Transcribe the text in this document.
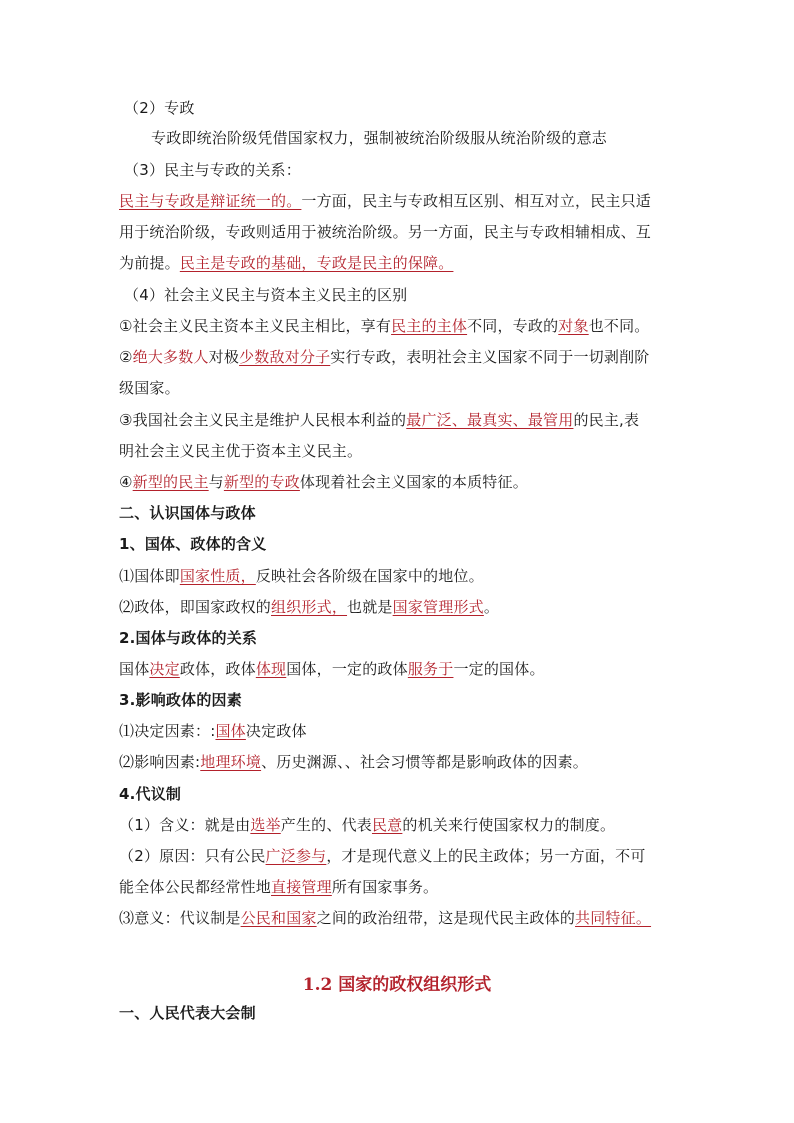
（2）专政
专政即统治阶级凭借国家权力，强制被统治阶级服从统治阶级的意志
（3）民主与专政的关系：
民主与专政是辩证统一的。一方面，民主与专政相互区别、相互对立，民主只适
用于统治阶级，专政则适用于被统治阶级。另一方面，民主与专政相辅相成、互
为前提。民主是专政的基础，专政是民主的保障。
（4）社会主义民主与资本主义民主的区别
①社会主义民主资本主义民主相比，享有民主的主体不同，专政的对象也不同。
②绝大多数人对极少数敌对分子实行专政，表明社会主义国家不同于一切剥削阶
级国家。
③我国社会主义民主是维护人民根本利益的最广泛、最真实、最管用的民主,表
明社会主义民主优于资本主义民主。
④新型的民主与新型的专政体现着社会主义国家的本质特征。
二、认识国体与政体
1、国体、政体的含义
⑴国体即国家性质，反映社会各阶级在国家中的地位。
⑵政体，即国家政权的组织形式，也就是国家管理形式。
2.国体与政体的关系
国体决定政体，政体体现国体，一定的政体服务于一定的国体。
3.影响政体的因素
⑴决定因素：:国体决定政体
⑵影响因素:地理环境、历史渊源、、社会习惯等都是影响政体的因素。
4.代议制
（1）含义：就是由选举产生的、代表民意的机关来行使国家权力的制度。
（2）原因：只有公民广泛参与，才是现代意义上的民主政体；另一方面，不可
能全体公民都经常性地直接管理所有国家事务。
⑶意义：代议制是公民和国家之间的政治纽带，这是现代民主政体的共同特征。
1.2 国家的政权组织形式
一、人民代表大会制
